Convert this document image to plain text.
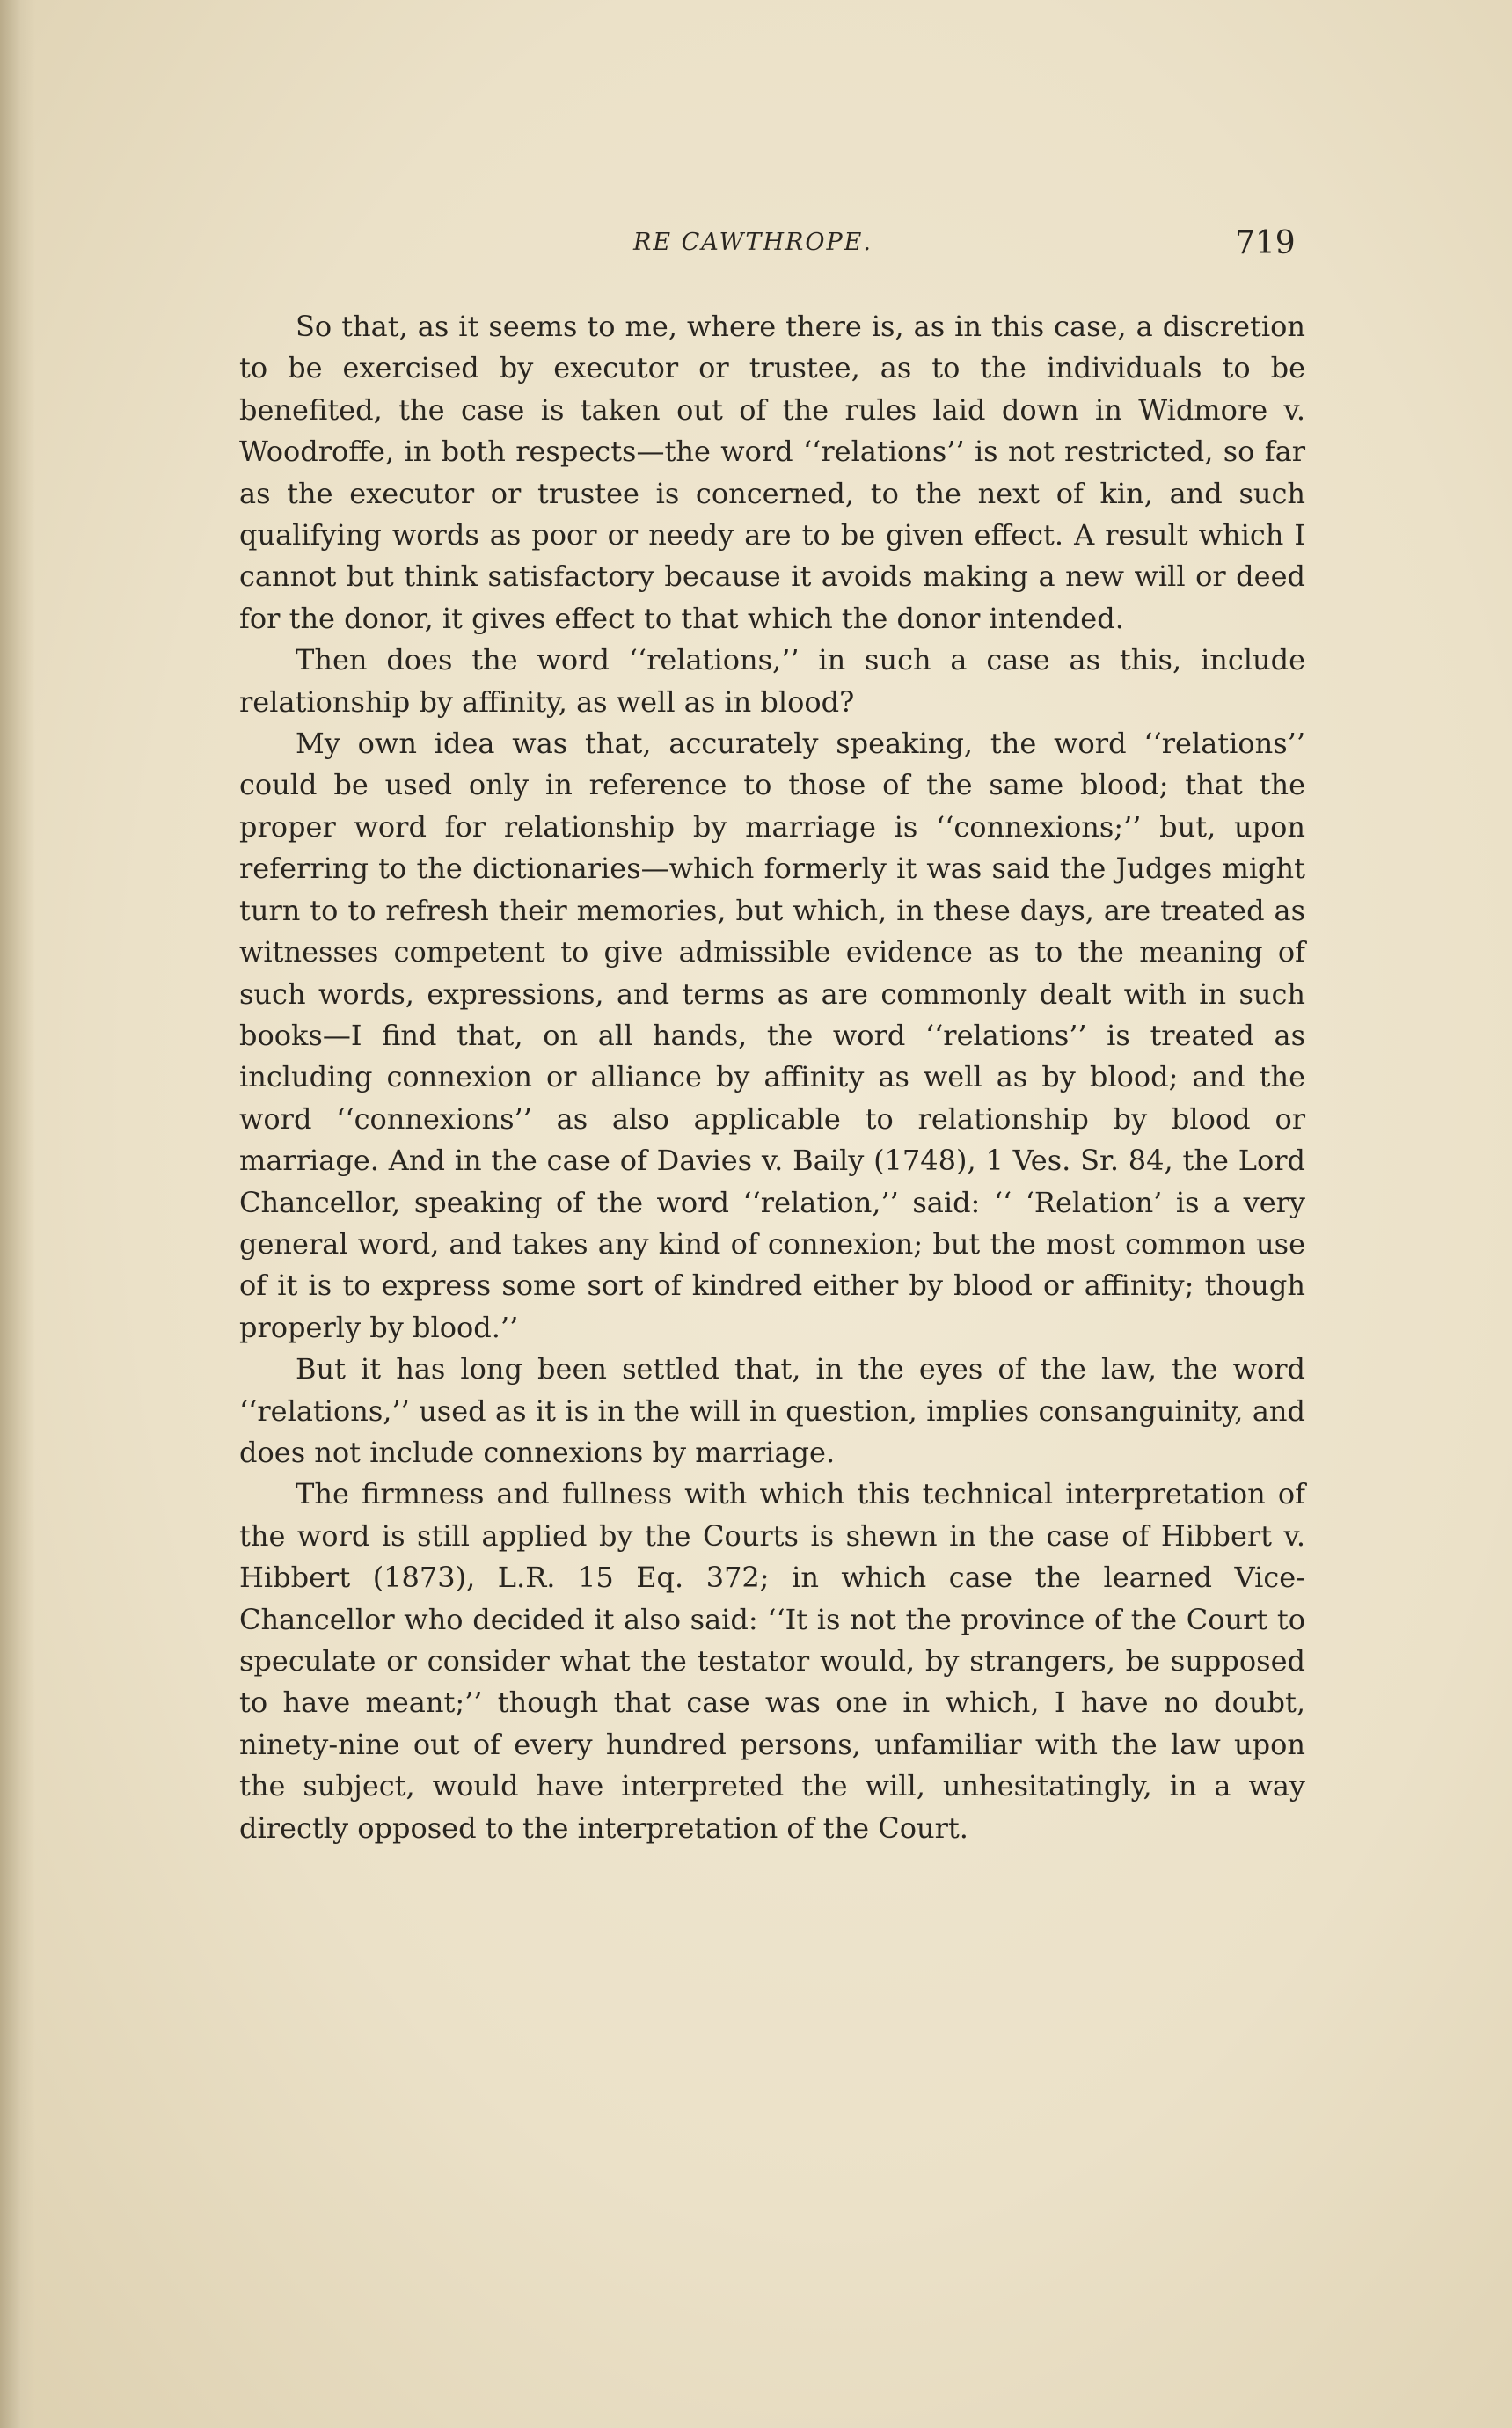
RE CAWTHROPE.	719

So that, as it seems to me, where there is, as in this case, a discretion to be exercised by executor or trustee, as to the individuals to be benefited, the case is taken out of the rules laid down in Widmore v. Woodroffe, in both respects—the word ‘‘relations’’ is not restricted, so far as the executor or trustee is concerned, to the next of kin, and such qualifying words as poor or needy are to be given effect. A result which I cannot but think satisfactory because it avoids making a new will or deed for the donor, it gives effect to that which the donor intended.

Then does the word ‘‘relations,’’ in such a case as this, include relationship by affinity, as well as in blood?

My own idea was that, accurately speaking, the word ‘‘relations’’ could be used only in reference to those of the same blood; that the proper word for relationship by marriage is ‘‘connexions;’’ but, upon referring to the dictionaries—which formerly it was said the Judges might turn to to refresh their memories, but which, in these days, are treated as witnesses competent to give admissible evidence as to the meaning of such words, expressions, and terms as are commonly dealt with in such books—I find that, on all hands, the word ‘‘relations’’ is treated as including connexion or alliance by affinity as well as by blood; and the word ‘‘connexions’’ as also applicable to relationship by blood or marriage. And in the case of Davies v. Baily (1748), 1 Ves. Sr. 84, the Lord Chancellor, speaking of the word ‘‘relation,’’ said: ‘‘ ‘Relation’ is a very general word, and takes any kind of connexion; but the most common use of it is to express some sort of kindred either by blood or affinity; though properly by blood.’’

But it has long been settled that, in the eyes of the law, the word ‘‘relations,’’ used as it is in the will in question, implies consanguinity, and does not include connexions by marriage.

The firmness and fullness with which this technical interpretation of the word is still applied by the Courts is shewn in the case of Hibbert v. Hibbert (1873), L.R. 15 Eq. 372; in which case the learned Vice-Chancellor who decided it also said: ‘‘It is not the province of the Court to speculate or consider what the testator would, by strangers, be supposed to have meant;’’ though that case was one in which, I have no doubt, ninety-nine out of every hundred persons, unfamiliar with the law upon the subject, would have interpreted the will, unhesitatingly, in a way directly opposed to the interpretation of the Court.
